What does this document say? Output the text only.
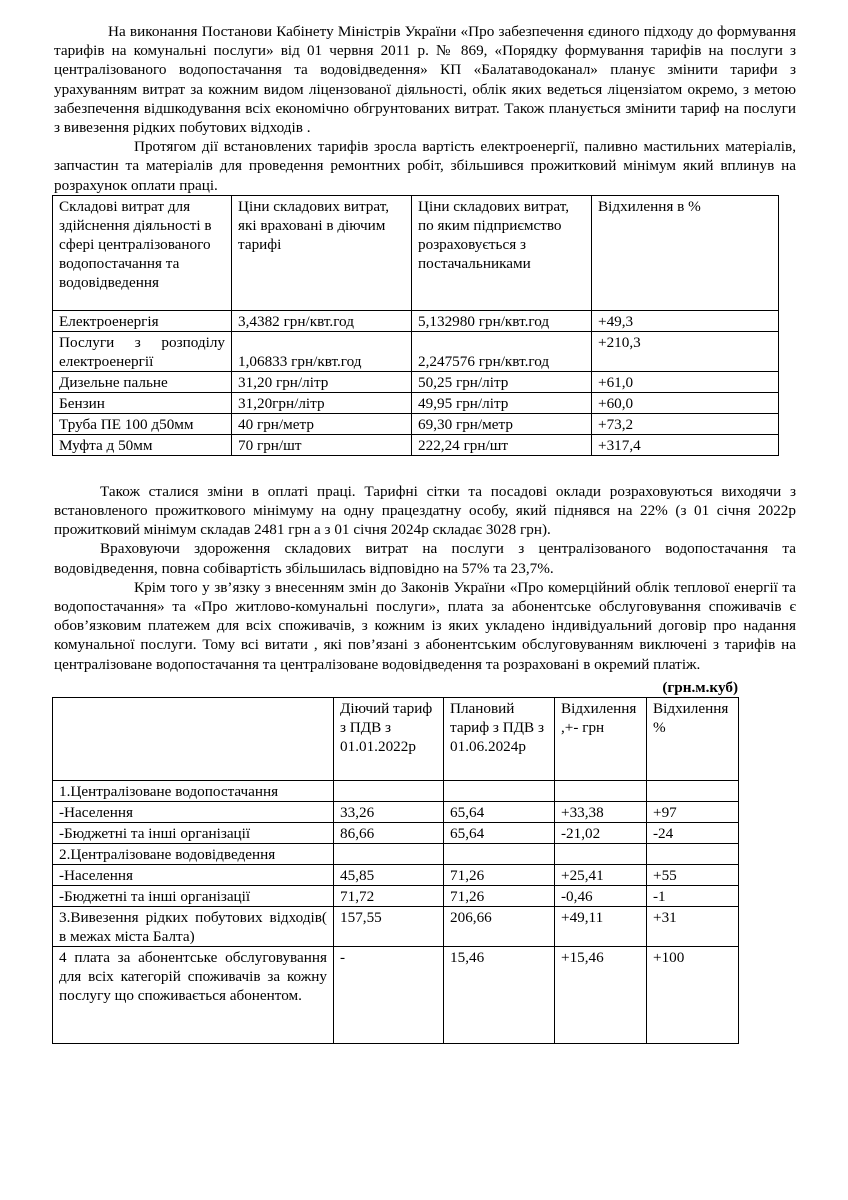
На виконання Постанови Кабінету Міністрів України «Про забезпечення єдиного підходу до формування тарифів на комунальні послуги» від 01 червня 2011 р. № 869, «Порядку формування тарифів на послуги з централізованого водопостачання та водовідведення» КП «Балатаводоканал» планує змінити тарифи з урахуванням витрат за кожним видом ліцензованої діяльності, облік яких ведеться ліцензіатом окремо, з метою забезпечення відшкодування всіх економічно обгрунтованих витрат. Також планується змінити тариф на послуги з вивезення рідких побутових відходів .

Протягом дії встановлених тарифів зросла вартість електроенергії, паливно мастильних матеріалів, запчастин та матеріалів для проведення ремонтних робіт, збільшився прожитковий мінімум який вплинув на розрахунок оплати праці.

Складові витрат для здійснення діяльності в сфері централізованого водопостачання та водовідведення	Ціни складових витрат, які враховані в діючим тарифі	Ціни складових витрат, по яким підприємство розраховується з постачальниками	Відхилення в %
Електроенергія	3,4382 грн/квт.год	5,132980 грн/квт.год	+49,3
Послуги з розподілу електроенергії	1,06833 грн/квт.год	2,247576 грн/квт.год	+210,3
Дизельне пальне	31,20 грн/літр	50,25 грн/літр	+61,0
Бензин	31,20грн/літр	49,95 грн/літр	+60,0
Труба ПЕ 100 д50мм	40 грн/метр	69,30 грн/метр	+73,2
Муфта д 50мм	70 грн/шт	222,24 грн/шт	+317,4

Також сталися зміни в оплаті праці. Тарифні сітки та посадові оклади розраховуються виходячи з встановленого прожиткового мінімуму на одну працездатну особу, який піднявся на 22% (з 01 січня 2022р прожитковий мінімум складав 2481 грн а з 01 січня 2024р складає 3028 грн).

Враховуючи здороження складових витрат на послуги з централізованого водопостачання та водовідведення, повна собівартість збільшилась відповідно на 57% та 23,7%.

Крім того у зв’язку з внесенням змін до Законів України «Про комерційний облік теплової енергії та водопостачання» та «Про житлово-комунальні послуги», плата за абонентське обслуговування споживачів є обов’язковим платежем для всіх споживачів, з кожним із яких укладено індивідуальний договір про надання комунальної послуги. Тому всі витати , які пов’язані з абонентським обслуговуванням виключені з тарифів на централізоване водопостачання та централізоване водовідведення та розраховані в окремий платіж.

(грн.м.куб)
	Діючий тариф з ПДВ з 01.01.2022р	Плановий тариф з ПДВ з 01.06.2024р	Відхилення ,+- грн	Відхилення %
1.Централізоване водопостачання				
-Населення	33,26	65,64	+33,38	+97
-Бюджетні та інші організації	86,66	65,64	-21,02	-24
2.Централізоване водовідведення				
-Населення	45,85	71,26	+25,41	+55
-Бюджетні та інші організації	71,72	71,26	-0,46	-1
3.Вивезення рідких побутових відходів( в межах міста Балта)	157,55	206,66	+49,11	+31
4 плата за абонентське обслуговування для всіх категорій споживачів за кожну послугу що споживається абонентом.	-	15,46	+15,46	+100
